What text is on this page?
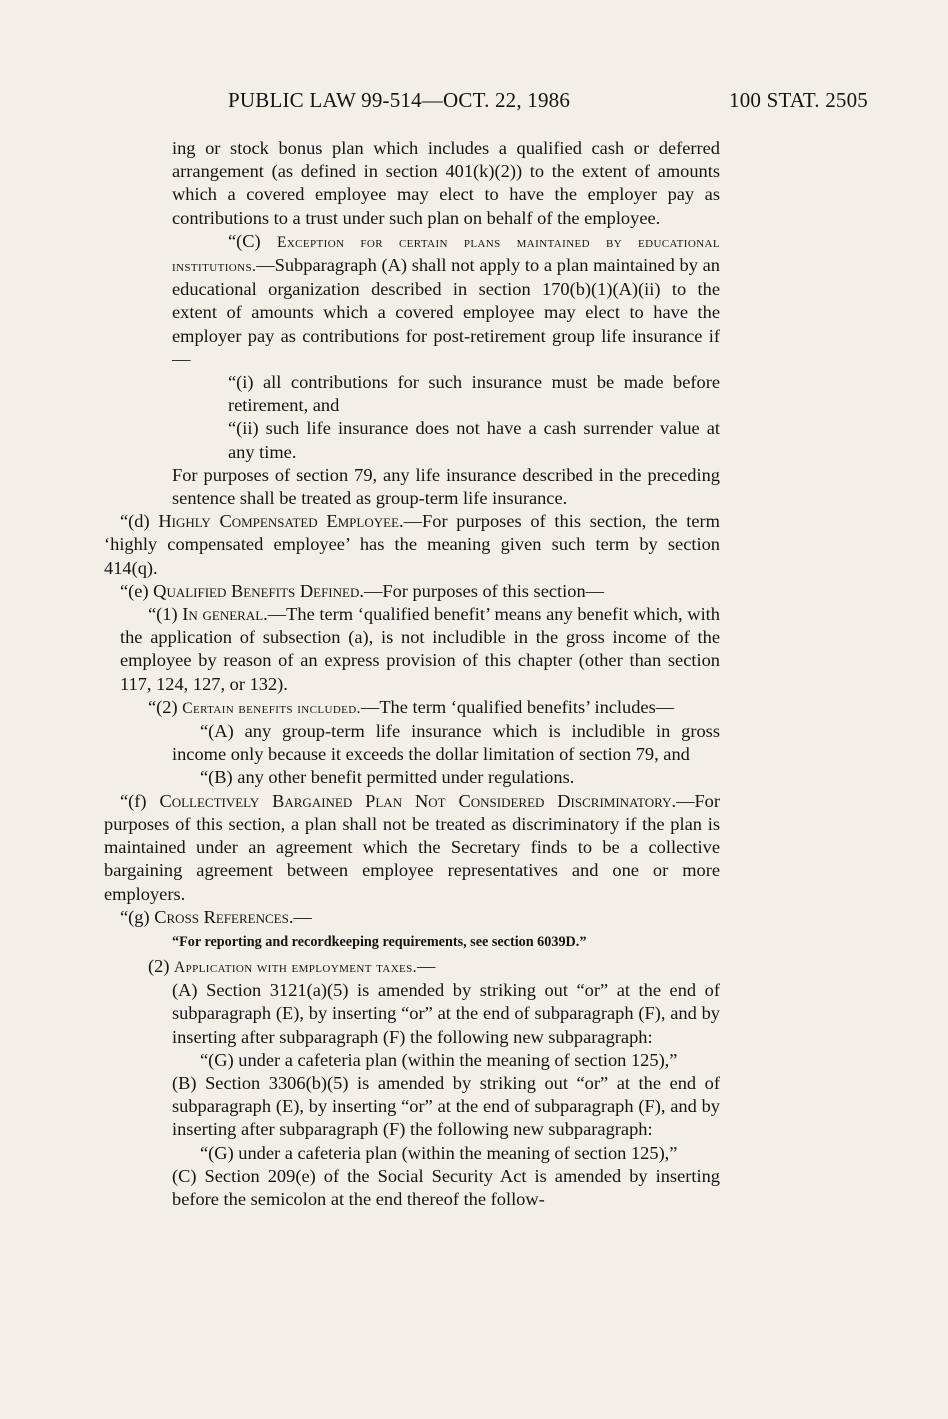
PUBLIC LAW 99-514—OCT. 22, 1986	100 STAT. 2505

ing or stock bonus plan which includes a qualified cash or deferred arrangement (as defined in section 401(k)(2)) to the extent of amounts which a covered employee may elect to have the employer pay as contributions to a trust under such plan on behalf of the employee.

“(C) Exception for certain plans maintained by educational institutions.—Subparagraph (A) shall not apply to a plan maintained by an educational organization described in section 170(b)(1)(A)(ii) to the extent of amounts which a covered employee may elect to have the employer pay as contributions for post-retirement group life insurance if—

“(i) all contributions for such insurance must be made before retirement, and

“(ii) such life insurance does not have a cash surrender value at any time.

For purposes of section 79, any life insurance described in the preceding sentence shall be treated as group-term life insurance.

“(d) Highly Compensated Employee.—For purposes of this section, the term ‘highly compensated employee’ has the meaning given such term by section 414(q).

“(e) Qualified Benefits Defined.—For purposes of this section—

“(1) In general.—The term ‘qualified benefit’ means any benefit which, with the application of subsection (a), is not includible in the gross income of the employee by reason of an express provision of this chapter (other than section 117, 124, 127, or 132).

“(2) Certain benefits included.—The term ‘qualified benefits’ includes—

“(A) any group-term life insurance which is includible in gross income only because it exceeds the dollar limitation of section 79, and

“(B) any other benefit permitted under regulations.

“(f) Collectively Bargained Plan Not Considered Discriminatory.—For purposes of this section, a plan shall not be treated as discriminatory if the plan is maintained under an agreement which the Secretary finds to be a collective bargaining agreement between employee representatives and one or more employers.

“(g) Cross References.—

“For reporting and recordkeeping requirements, see section 6039D.”

(2) Application with employment taxes.—

(A) Section 3121(a)(5) is amended by striking out “or” at the end of subparagraph (E), by inserting “or” at the end of subparagraph (F), and by inserting after subparagraph (F) the following new subparagraph:

“(G) under a cafeteria plan (within the meaning of section 125),”

(B) Section 3306(b)(5) is amended by striking out “or” at the end of subparagraph (E), by inserting “or” at the end of subparagraph (F), and by inserting after subparagraph (F) the following new subparagraph:

“(G) under a cafeteria plan (within the meaning of section 125),”

(C) Section 209(e) of the Social Security Act is amended by inserting before the semicolon at the end thereof the follow-
